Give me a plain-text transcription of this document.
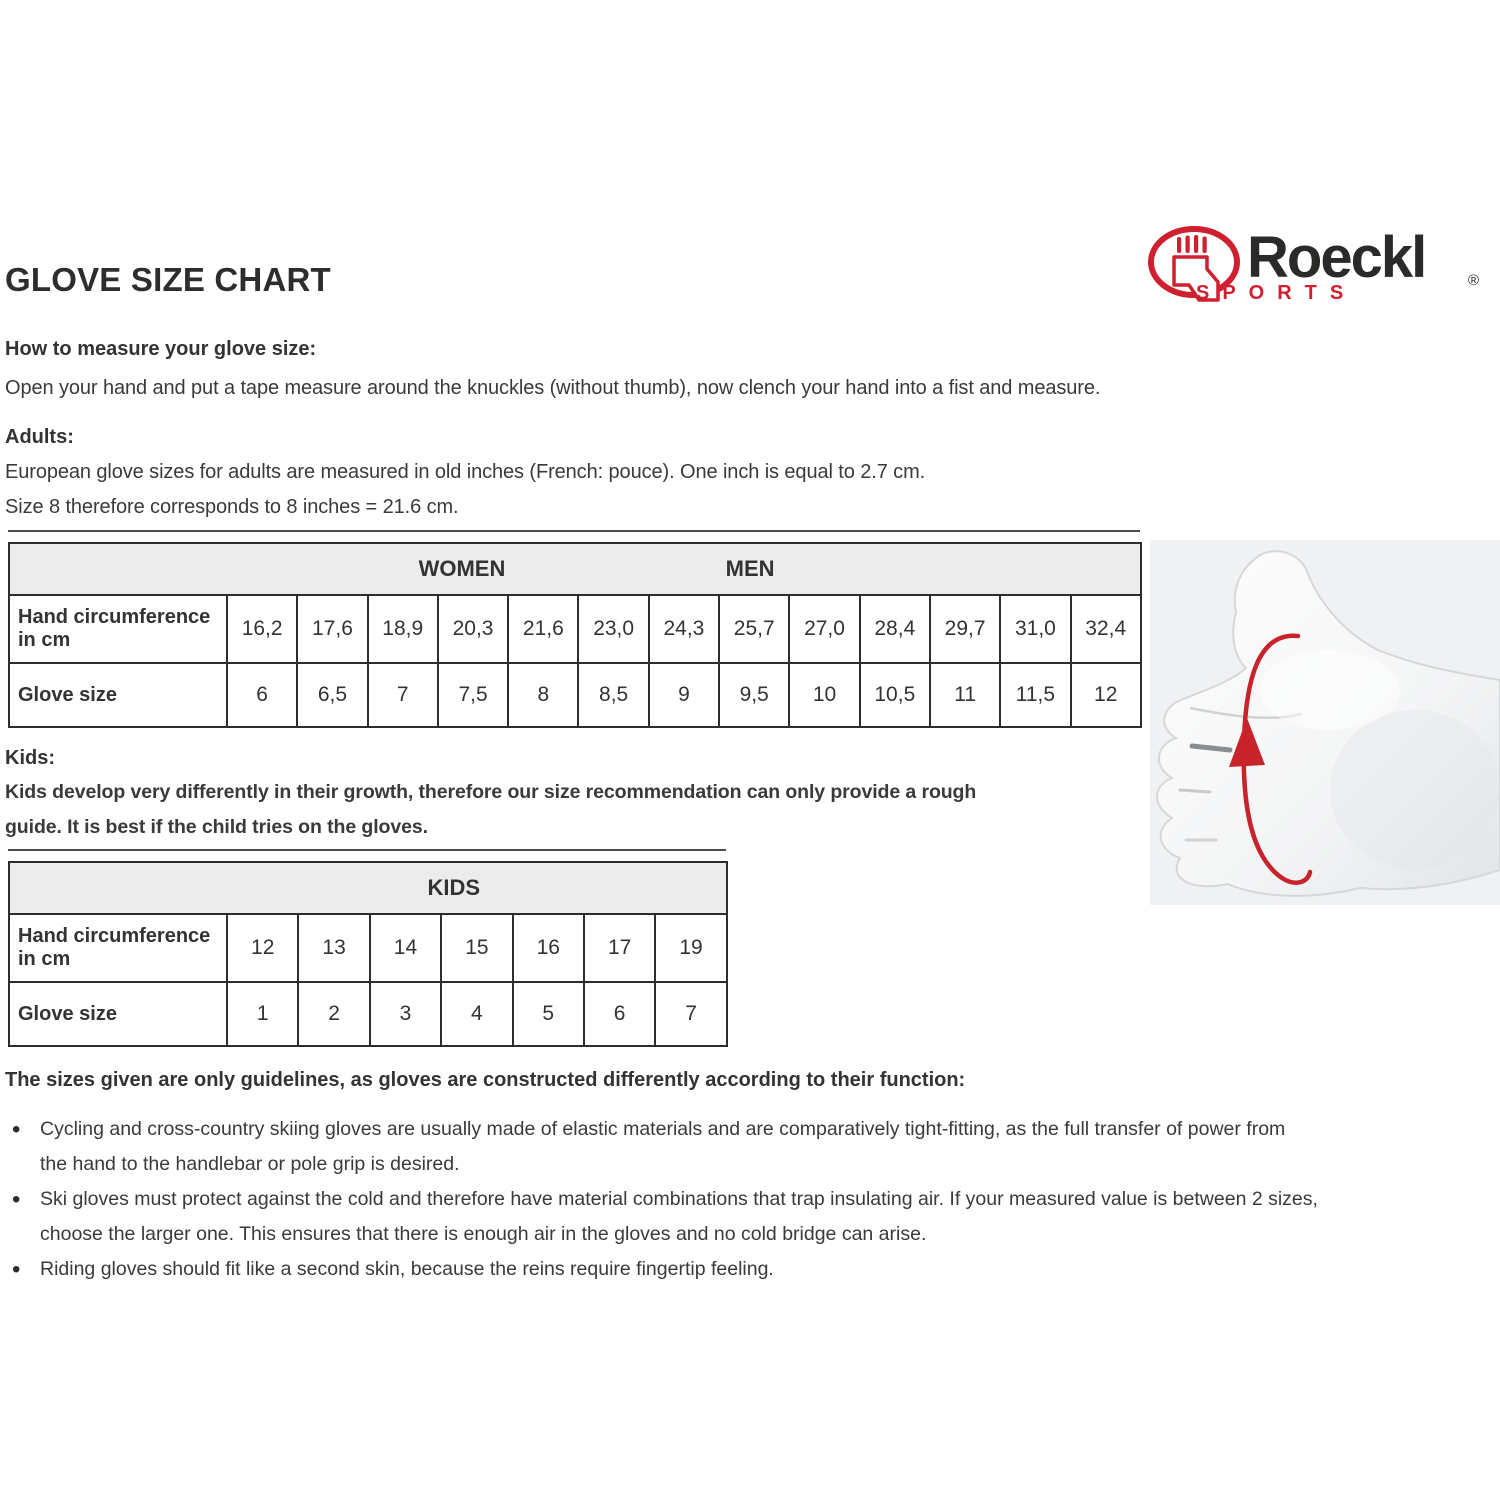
GLOVE SIZE CHART	Roeckl	®
SPORTS
How to measure your glove size:
Open your hand and put a tape measure around the knuckles (without thumb), now clench your hand into a fist and measure.
Adults:
European glove sizes for adults are measured in old inches (French: pouce). One inch is equal to 2.7 cm.
Size 8 therefore corresponds to 8 inches = 21.6 cm.
WOMEN MEN													

Hand circumference in cm	16,2	17,6	18,9	20,3	21,6	23,0	24,3	25,7	27,0	28,4	29,7	31,0	32,4
Glove size	6	6,5	7	7,5	8	8,5	9	9,5	10	10,5	11	11,5	12
Kids:
Kids develop very differently in their growth, therefore our size recommendation can only provide a rough
guide. It is best if the child tries on the gloves.
KIDS							

Hand circumference in cm	12	13	14	15	16	17	19
Glove size	1	2	3	4	5	6	7
The sizes given are only guidelines, as gloves are constructed differently according to their function:
• Cycling and cross-country skiing gloves are usually made of elastic materials and are comparatively tight-fitting, as the full transfer of power from
the hand to the handlebar or pole grip is desired.
• Ski gloves must protect against the cold and therefore have material combinations that trap insulating air. If your measured value is between 2 sizes,
choose the larger one. This ensures that there is enough air in the gloves and no cold bridge can arise.
• Riding gloves should fit like a second skin, because the reins require fingertip feeling.
